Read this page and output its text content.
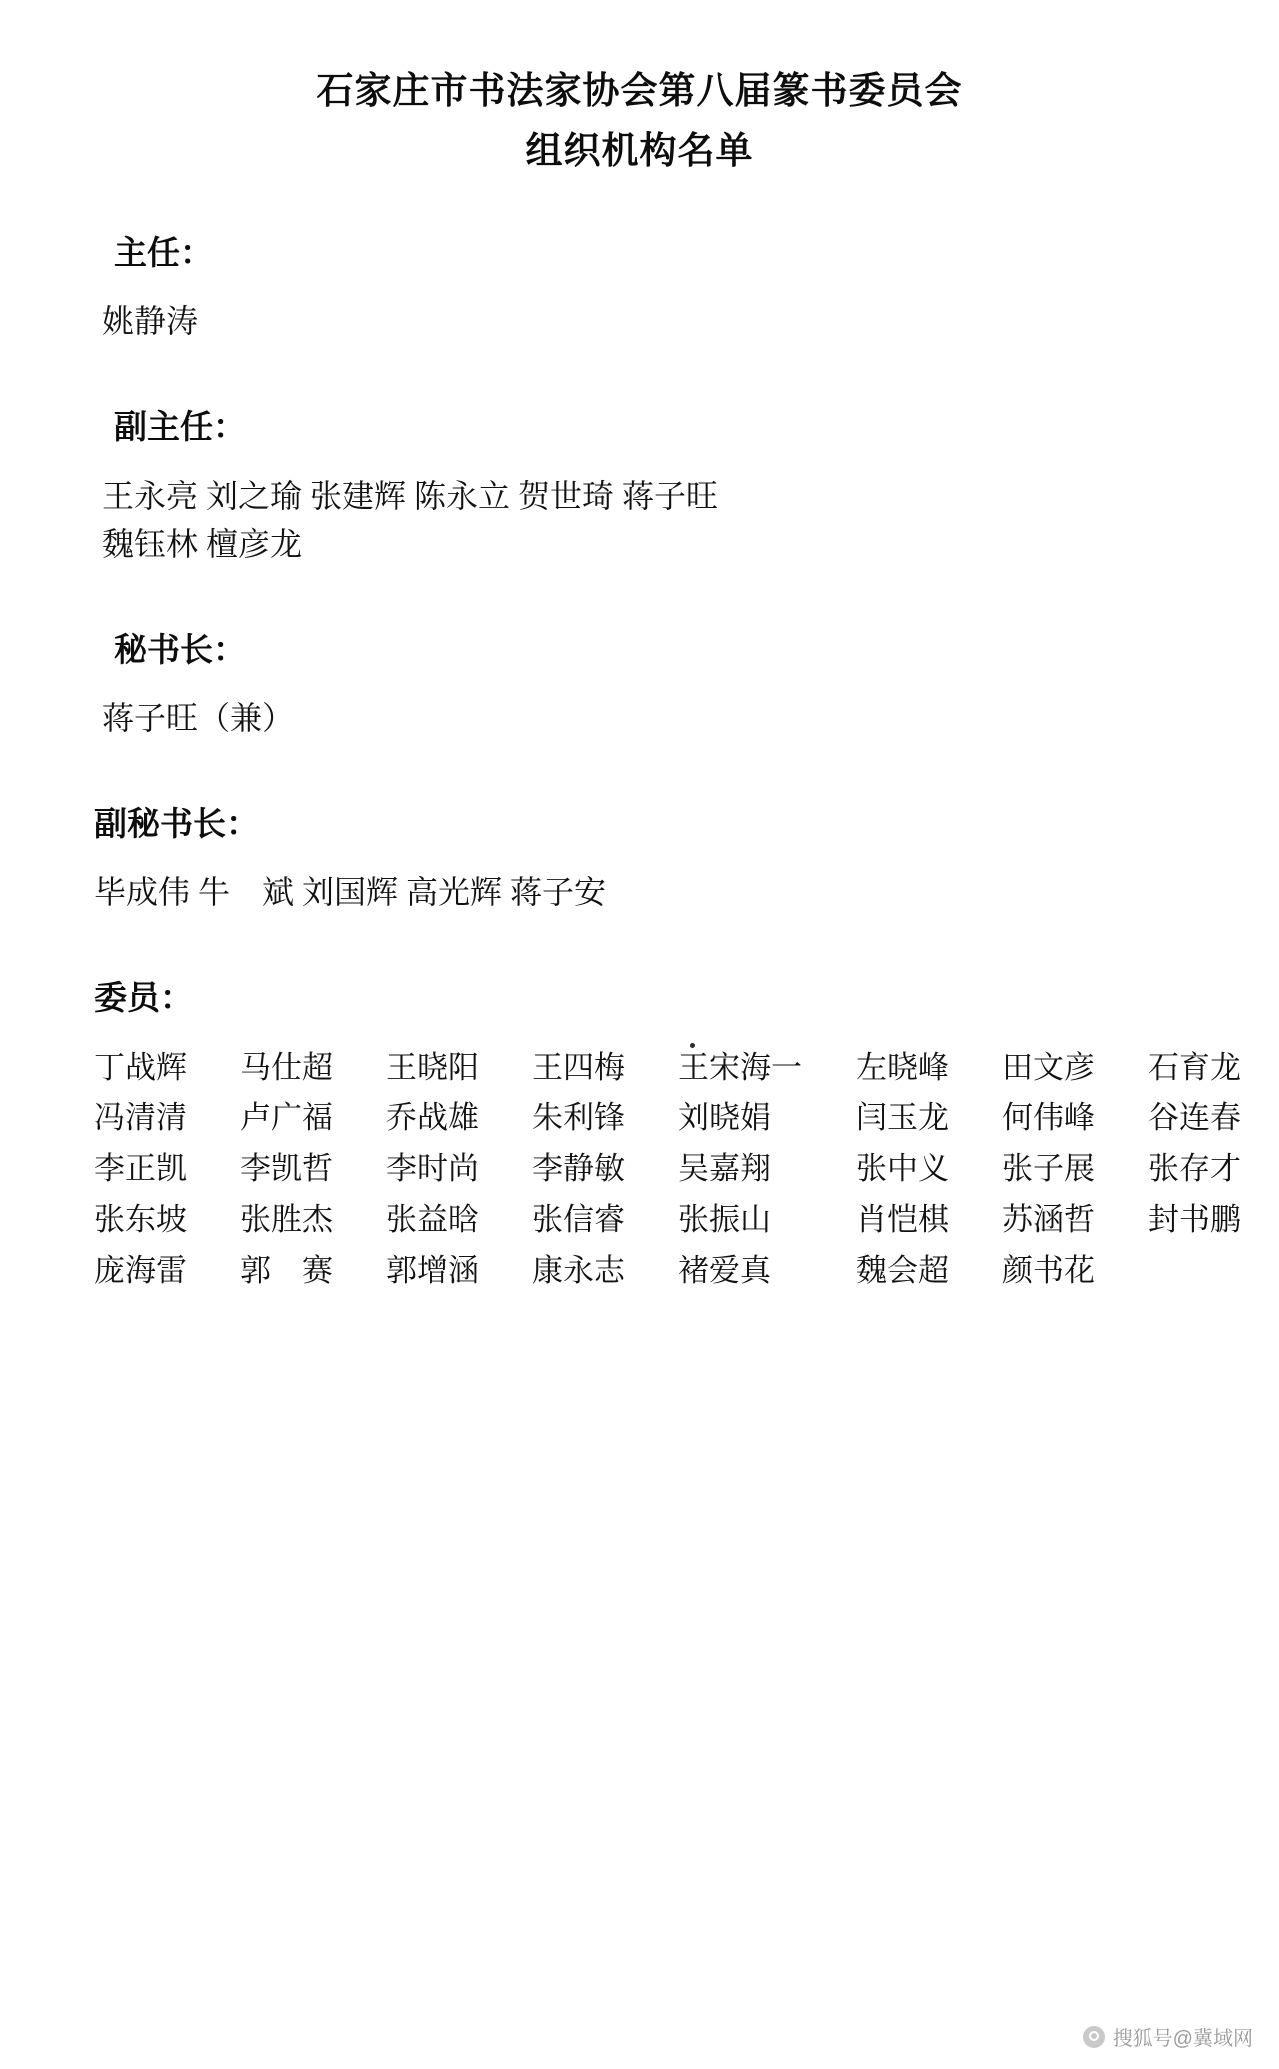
石家庄市书法家协会第八届篆书委员会
组织机构名单
主任：
姚静涛
副主任：
王永亮 刘之瑜 张建辉 陈永立 贺世琦 蒋子旺
魏钰林 檀彦龙
秘书长：
蒋子旺（兼）
副秘书长：
毕成伟 牛　斌 刘国辉 高光辉 蒋子安
委员：
丁战辉	马仕超	王晓阳	王四梅	王宋海一	左晓峰	田文彦	石育龙
冯清清	卢广福	乔战雄	朱利锋	刘晓娟	闫玉龙	何伟峰	谷连春
李正凯	李凯哲	李时尚	李静敏	吴嘉翔	张中义	张子展	张存才
张东坡	张胜杰	张益晗	张信睿	张振山	肖恺棋	苏涵哲	封书鹏
庞海雷	郭　赛	郭增涵	康永志	褚爱真	魏会超	颜书花
搜狐号@冀域网
